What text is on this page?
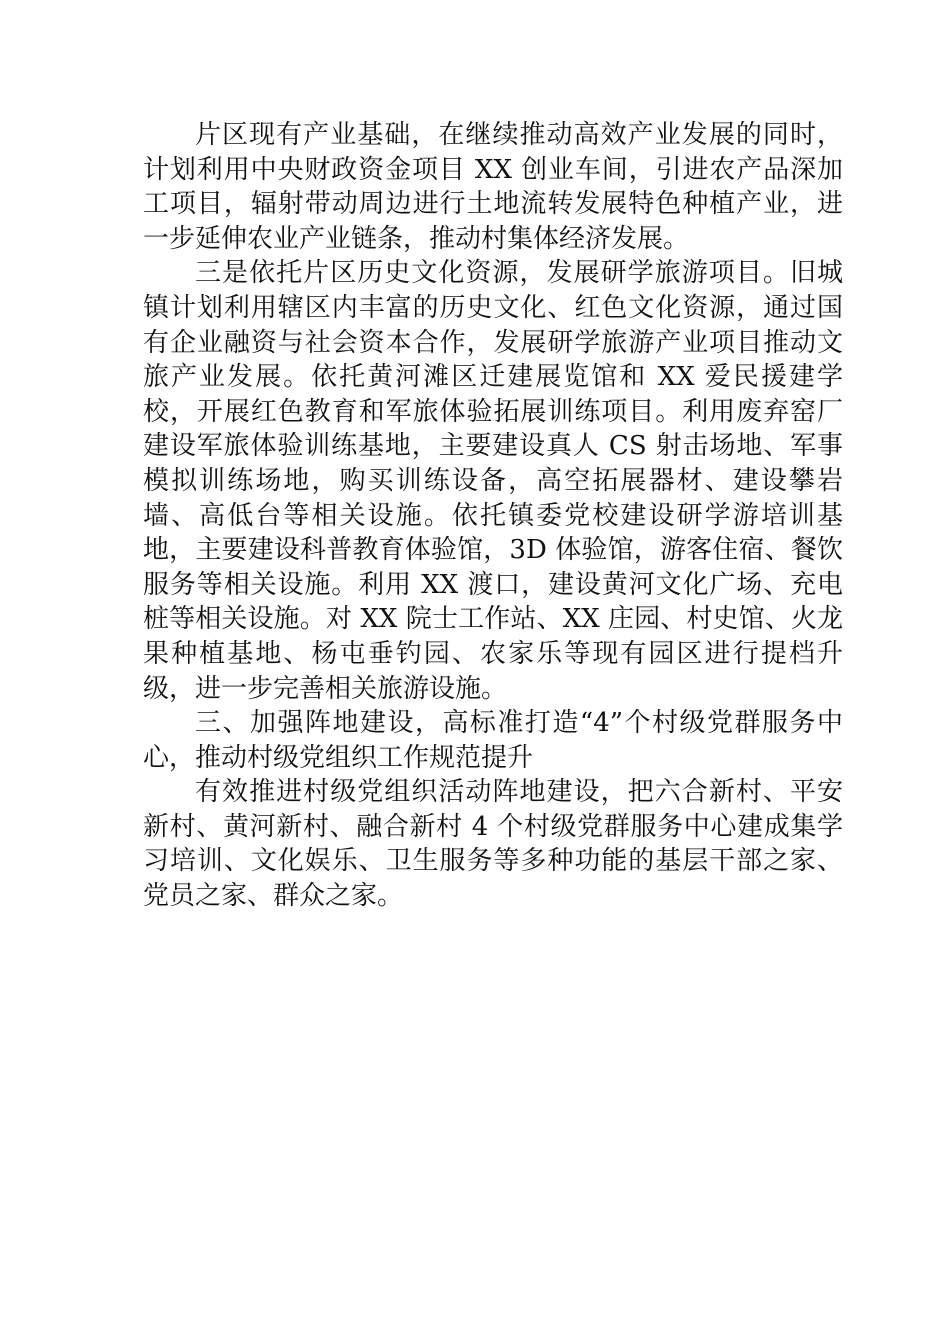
片区现有产业基础，在继续推动高效产业发展的同时，计划利用中央财政资金项目 XX 创业车间，引进农产品深加工项目，辐射带动周边进行土地流转发展特色种植产业，进一步延伸农业产业链条，推动村集体经济发展。

三是依托片区历史文化资源，发展研学旅游项目。旧城镇计划利用辖区内丰富的历史文化、红色文化资源，通过国有企业融资与社会资本合作，发展研学旅游产业项目推动文旅产业发展。依托黄河滩区迁建展览馆和 XX 爱民援建学校，开展红色教育和军旅体验拓展训练项目。利用废弃窑厂建设军旅体验训练基地，主要建设真人 CS 射击场地、军事模拟训练场地，购买训练设备，高空拓展器材、建设攀岩墙、高低台等相关设施。依托镇委党校建设研学游培训基地，主要建设科普教育体验馆，3D 体验馆，游客住宿、餐饮服务等相关设施。利用 XX 渡口，建设黄河文化广场、充电桩等相关设施。对 XX 院士工作站、XX 庄园、村史馆、火龙果种植基地、杨屯垂钓园、农家乐等现有园区进行提档升级，进一步完善相关旅游设施。

三、加强阵地建设，高标准打造“4”个村级党群服务中心，推动村级党组织工作规范提升

有效推进村级党组织活动阵地建设，把六合新村、平安新村、黄河新村、融合新村 4 个村级党群服务中心建成集学习培训、文化娱乐、卫生服务等多种功能的基层干部之家、党员之家、群众之家。
